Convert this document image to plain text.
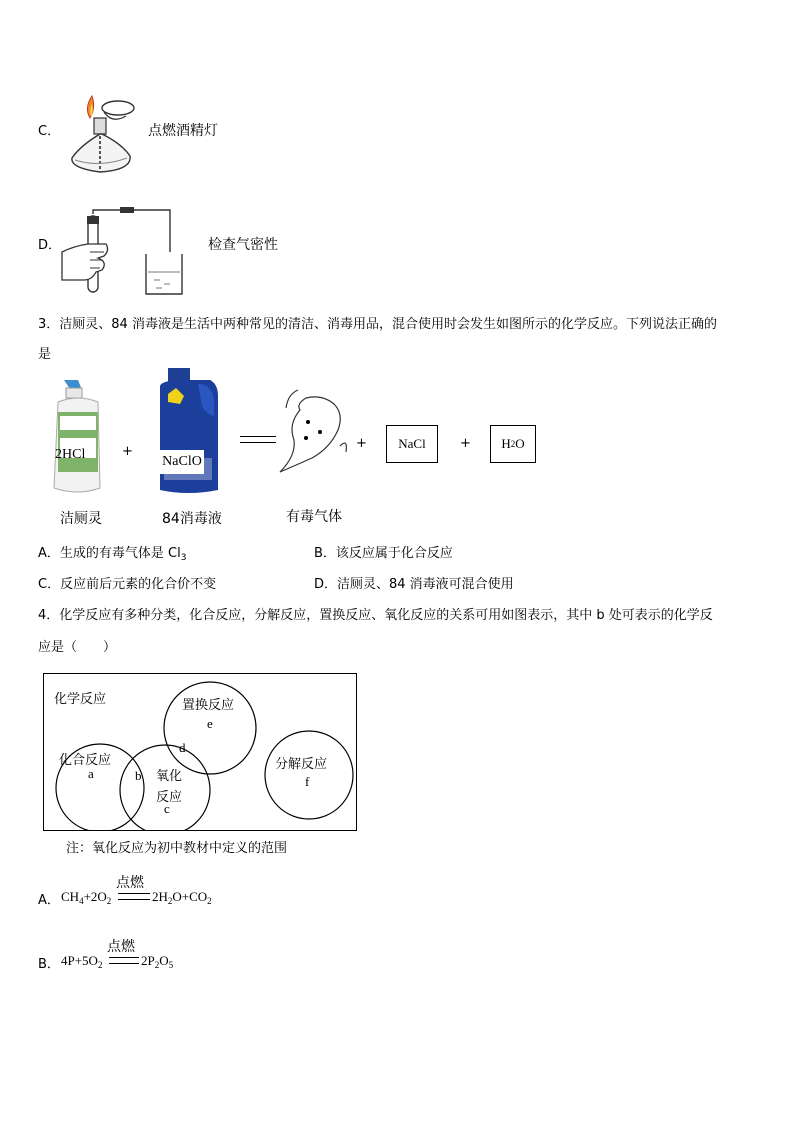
C．	点燃酒精灯
D．	检查气密性
3．洁厕灵、84 消毒液是生活中两种常见的清洁、消毒用品，混合使用时会发生如图所示的化学反应。下列说法正确的
是
2HCl
洁厕灵
+
NaClO
84消毒液	有毒气体
+	NaCl	+ H 2 O
A．生成的有毒气体是 $Cl_3$	B．该反应属于化合反应
C．反应前后元素的化合价不变	D．洁厕灵、84 消毒液可混合使用
4．化学反应有多种分类，化合反应，分解反应，置换反应、氧化反应的关系可用如图表示，其中 b 处可表示的化学反
应是（　　）
化学反应	置换反应
e
d
化合反应
a	b 氧化
反应
c
分解反应
f
注：氧化反应为初中教材中定义的范围
A． $CH_4+2O_2$
点燃
$2H_2O+CO_2$
B． $4P+5O_2$
点燃
$2P_2O_5$
